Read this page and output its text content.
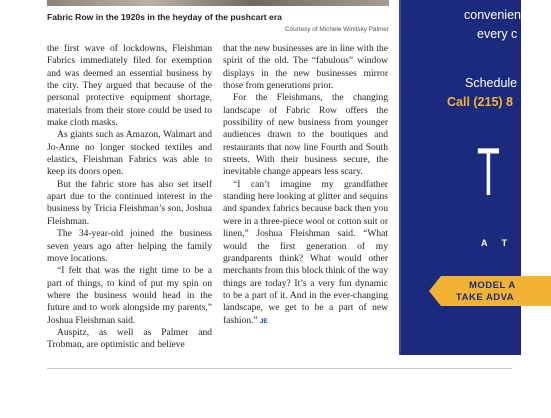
Fabric Row in the 1920s in the heyday of the pushcart era
Courtesy of Michele Winitsky Palmer

the first wave of lockdowns, Fleishman Fabrics immediately filed for exemption and was deemed an essential business by the city. They argued that because of the personal protective equipment shortage, materials from their store could be used to make cloth masks.

As giants such as Amazon, Walmart and Jo-Anne no longer stocked textiles and elastics, Fleishman Fabrics was able to keep its doors open.

But the fabric store has also set itself apart due to the continued interest in the business by Tricia Fleishman’s son, Joshua Fleishman.

The 34-year-old joined the business seven years ago after helping the family move locations.

“I felt that was the right time to be a part of things, to kind of put my spin on where the business would head in the future and to work alongside my parents,” Joshua Fleishman said.

Auspitz, as well as Palmer and Trobman, are optimistic and believe

that the new businesses are in line with the spirit of the old. The “fabulous” window displays in the new businesses mirror those from generations prior.

For the Fleishmans, the changing landscape of Fabric Row offers the possibility of new business from younger audiences drawn to the boutiques and restaurants that now line Fourth and South streets. With their business secure, the inevitable change appears less scary.

“I can’t imagine my grandfather standing here looking at glitter and sequins and spandex fabrics because back then you were in a three-piece wool or cotton suit or linen,” Joshua Fleishman said. “What would the first generation of my grandparents think? What would other merchants from this block think of the way things are today? It’s a very fun dynamic to be a part of it. And in the ever-changing landscape, we get to be a part of new fashion.” JE

convenien
every c
Schedule
Call (215) 8
T
A T M
MODEL A
TAKE ADVA
